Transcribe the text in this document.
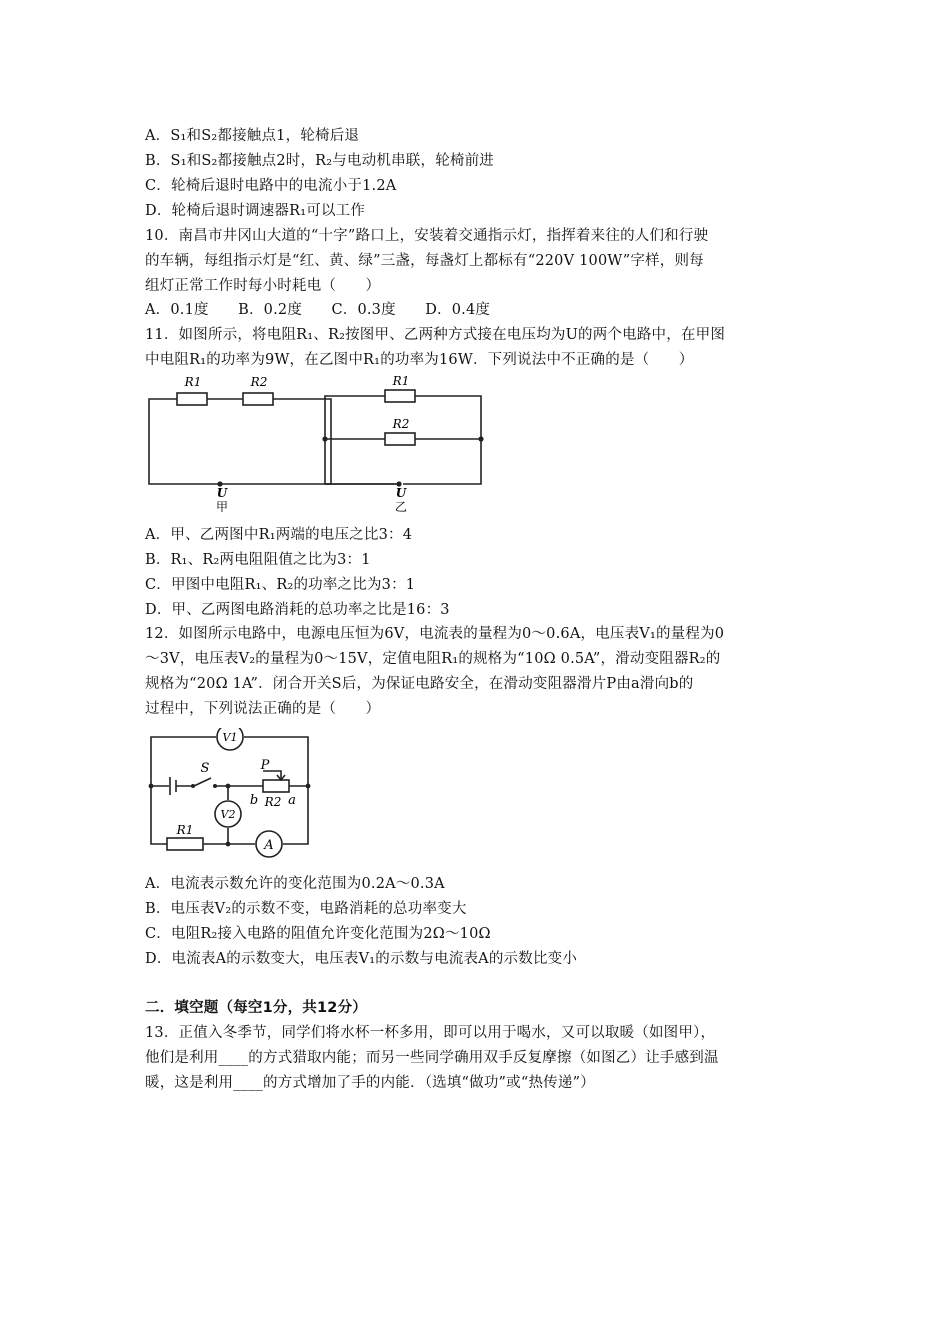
A．S₁和S₂都接触点1，轮椅后退
B．S₁和S₂都接触点2时，R₂与电动机串联，轮椅前进
C．轮椅后退时电路中的电流小于1.2A
D．轮椅后退时调速器R₁可以工作
10．南昌市井冈山大道的“十字”路口上，安装着交通指示灯，指挥着来往的人们和行驶
的车辆，每组指示灯是“红、黄、绿”三盏，每盏灯上都标有“220V 100W”字样，则每
组灯正常工作时每小时耗电（　　）
A．0.1度　　B．0.2度　　C．0.3度　　D．0.4度
11．如图所示，将电阻R₁、R₂按图甲、乙两种方式接在电压均为U的两个电路中，在甲图
中电阻R₁的功率为9W，在乙图中R₁的功率为16W．下列说法中不正确的是（　　）
R1	R2
U
甲
R1
R2
U
乙
A．甲、乙两图中R₁两端的电压之比3：4
B．R₁、R₂两电阻阻值之比为3：1
C．甲图中电阻R₁、R₂的功率之比为3：1
D．甲、乙两图电路消耗的总功率之比是16：3
12．如图所示电路中，电源电压恒为6V，电流表的量程为0～0.6A，电压表V₁的量程为0
～3V，电压表V₂的量程为0～15V，定值电阻R₁的规格为“10Ω 0.5A”，滑动变阻器R₂的
规格为“20Ω 1A”．闭合开关S后，为保证电路安全，在滑动变阻器滑片P由a滑向b的
过程中，下列说法正确的是（　　）
V1
V2
A
S	P
b R2 a
R1
A．电流表示数允许的变化范围为0.2A～0.3A
B．电压表V₂的示数不变，电路消耗的总功率变大
C．电阻R₂接入电路的阻值允许变化范围为2Ω～10Ω
D．电流表A的示数变大，电压表V₁的示数与电流表A的示数比变小
二．填空题（每空1分，共12分）
13．正值入冬季节，同学们将水杯一杯多用，即可以用于喝水，又可以取暖（如图甲），
他们是利用____的方式猎取内能；而另一些同学确用双手反复摩擦（如图乙）让手感到温
暖，这是利用____的方式增加了手的内能．（选填“做功”或“热传递”）
